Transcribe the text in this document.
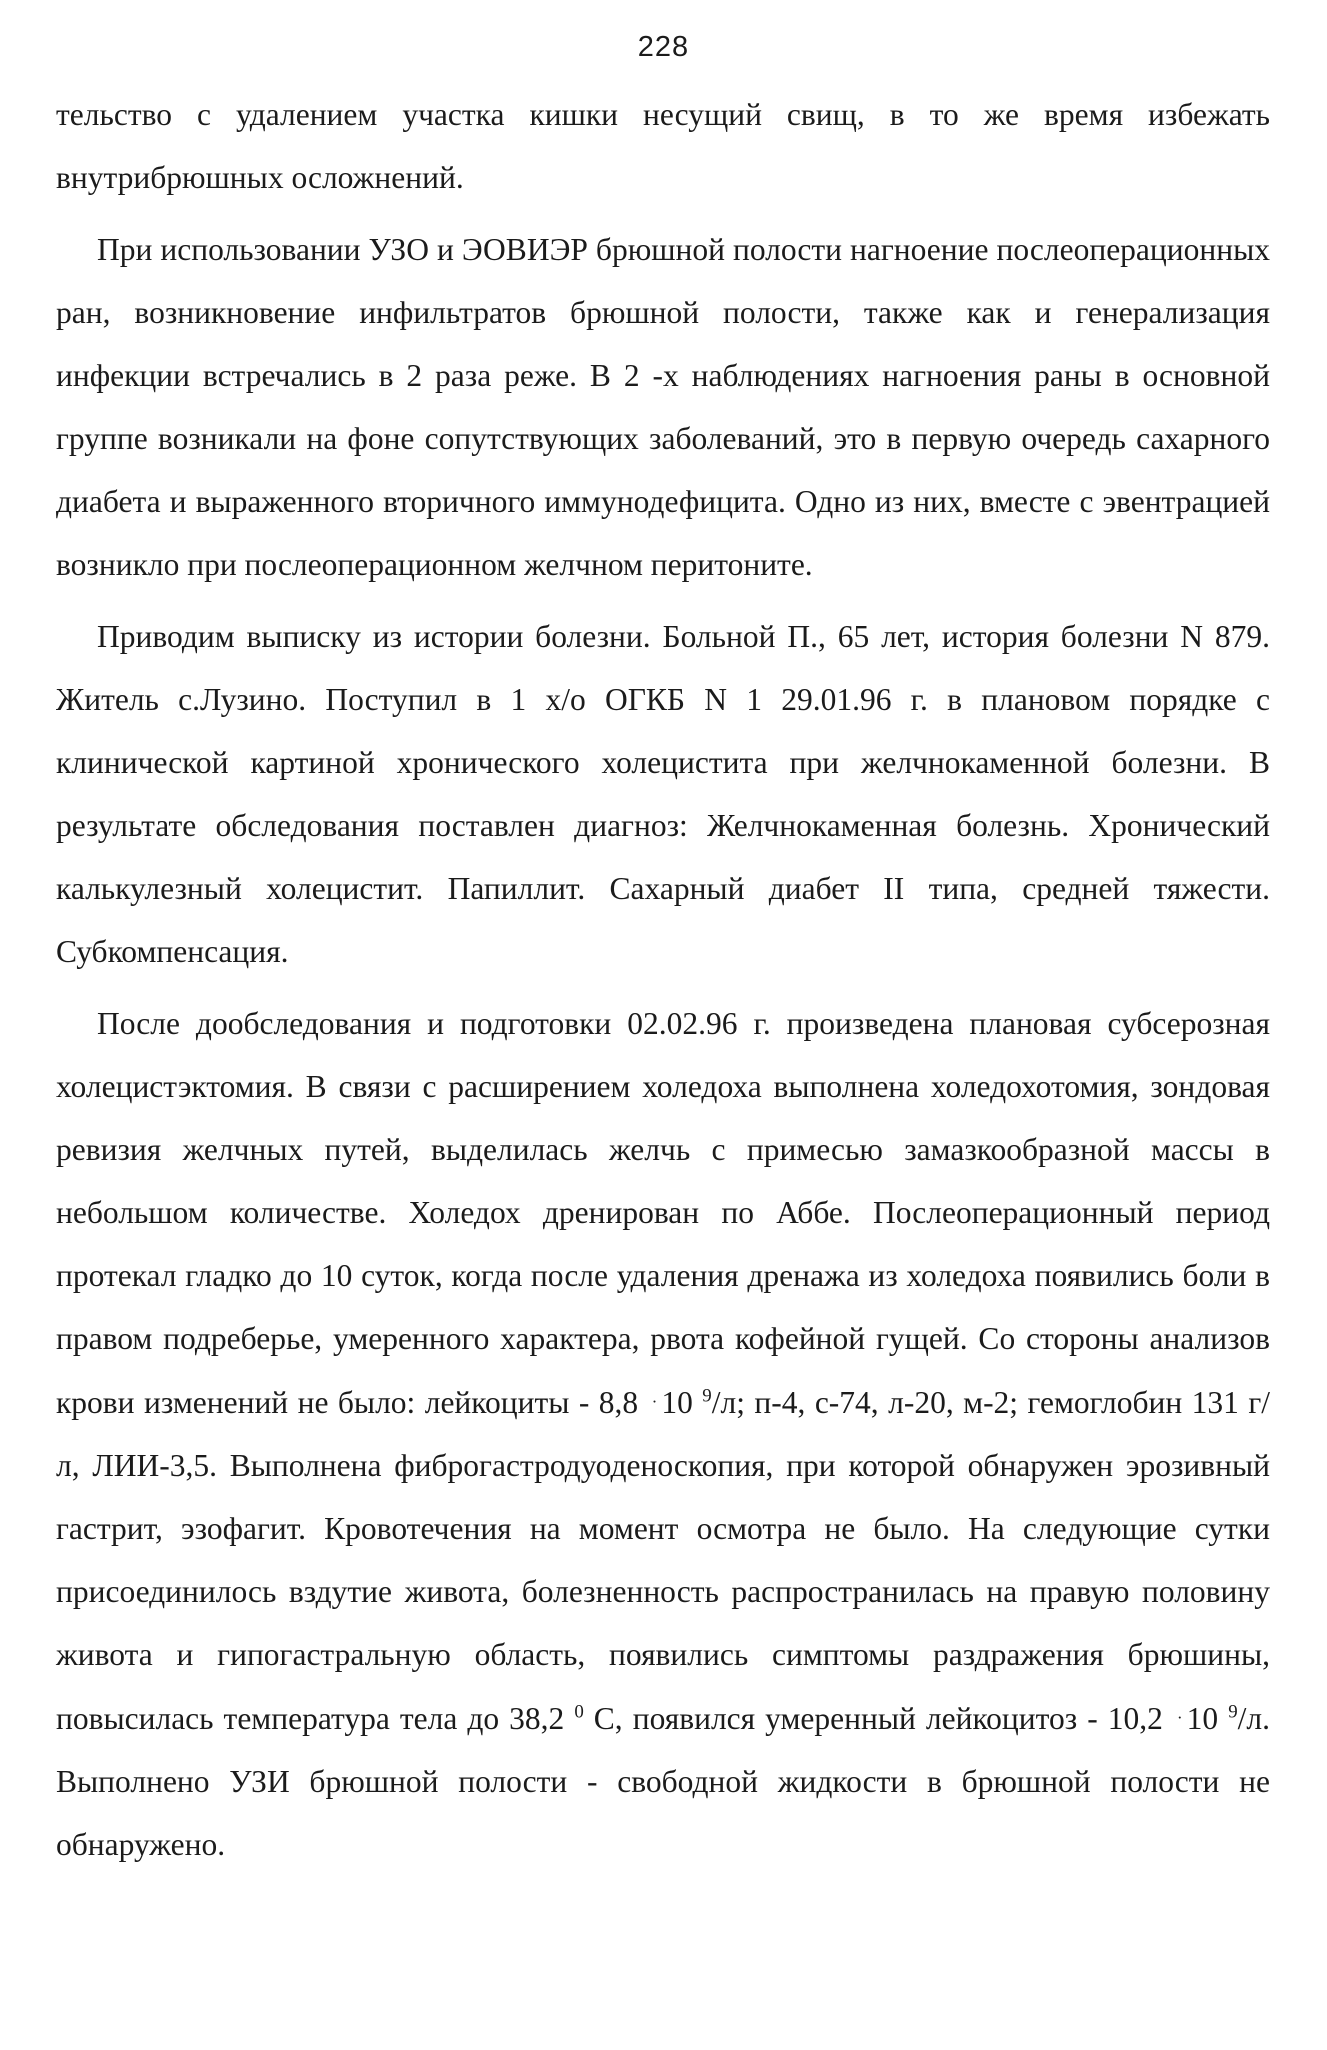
228

тельство с удалением участка кишки несущий свищ, в то же время избежать внутрибрюшных осложнений.

При использовании УЗО и ЭОВИЭР брюшной полости нагноение послеоперационных ран, возникновение инфильтратов брюшной полости, также как и генерализация инфекции встречались в 2 раза реже. В 2 -х наблюдениях нагноения раны в основной группе возникали на фоне сопутствующих заболеваний, это в первую очередь сахарного диабета и выраженного вторичного иммунодефицита. Одно из них, вместе с эвентрацией возникло при послеоперационном желчном перитоните.

Приводим выписку из истории болезни. Больной П., 65 лет, история болезни N 879. Житель с.Лузино. Поступил в 1 х/о ОГКБ N 1 29.01.96 г. в плановом порядке с клинической картиной хронического холецистита при желчнокаменной болезни. В результате обследования поставлен диагноз: Желчнокаменная болезнь. Хронический калькулезный холецистит. Папиллит. Сахарный диабет II типа, средней тяжести. Субкомпенсация.

После дообследования и подготовки 02.02.96 г. произведена плановая субсерозная холецистэктомия. В связи с расширением холедоха выполнена холедохотомия, зондовая ревизия желчных путей, выделилась желчь с примесью замазкообразной массы в небольшом количестве. Холедох дренирован по Аббе. Послеоперационный период протекал гладко до 10 суток, когда после удаления дренажа из холедоха появились боли в правом подреберье, умеренного характера, рвота кофейной гущей. Со стороны анализов крови изменений не было: лейкоциты - 8,8 · 10 $^9$/л; п-4, с-74, л-20, м-2; гемоглобин 131 г/л, ЛИИ-3,5. Выполнена фиброгастродуоденоскопия, при которой обнаружен эрозивный гастрит, эзофагит. Кровотечения на момент осмотра не было. На следующие сутки присоединилось вздутие живота, болезненность распространилась на правую половину живота и гипогастральную область, появились симптомы раздражения брюшины, повысилась температура тела до 38,2 $^0$ С, появился умеренный лейкоцитоз - 10,2 · 10 $^9$/л. Выполнено УЗИ брюшной полости - свободной жидкости в брюшной полости не обнаружено.
